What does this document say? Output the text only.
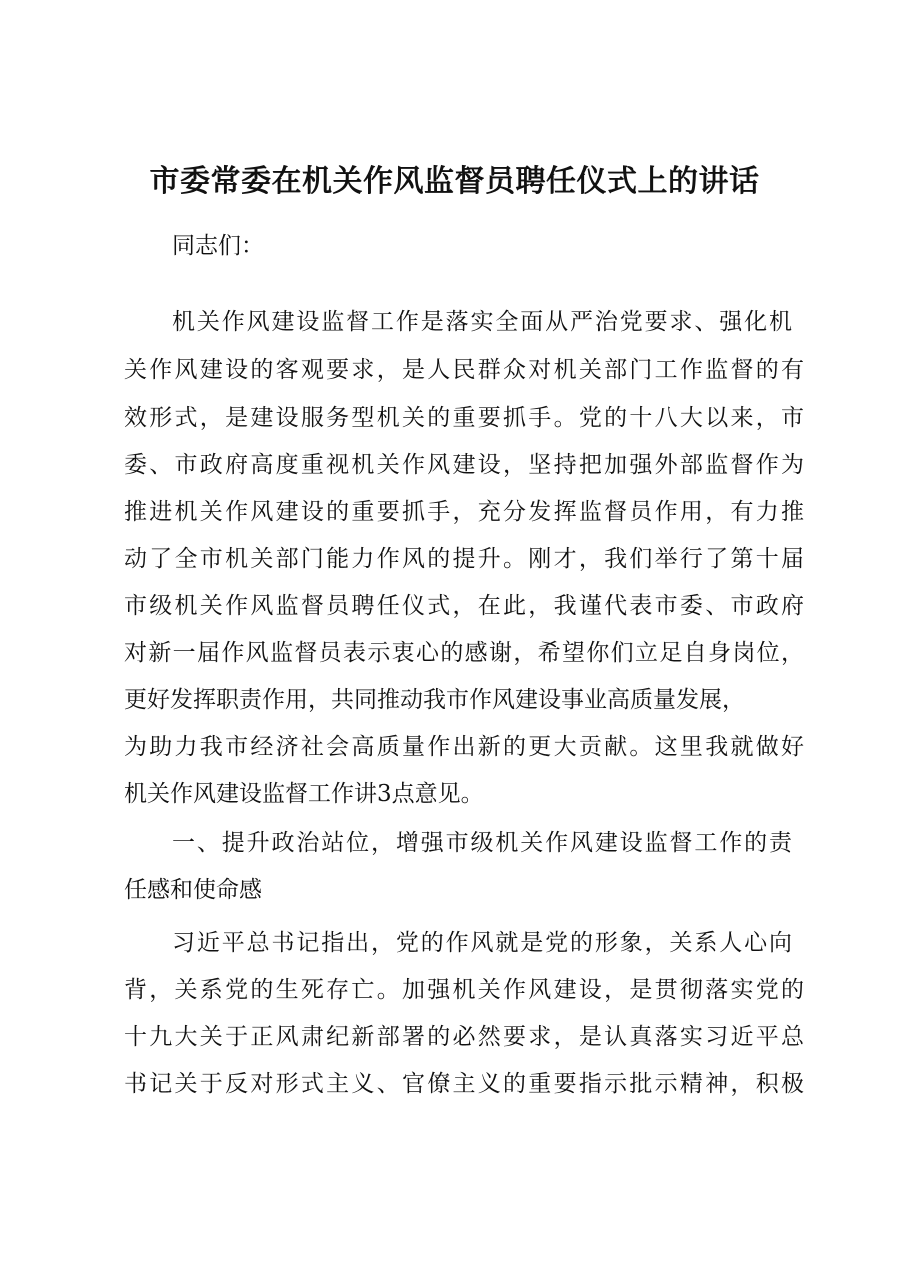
市委常委在机关作风监督员聘任仪式上的讲话
同志们：
机关作风建设监督工作是落实全面从严治党要求、强化机
关作风建设的客观要求，是人民群众对机关部门工作监督的有
效形式，是建设服务型机关的重要抓手。党的十八大以来，市
委、市政府高度重视机关作风建设，坚持把加强外部监督作为
推进机关作风建设的重要抓手，充分发挥监督员作用，有力推
动了全市机关部门能力作风的提升。刚才，我们举行了第十届
市级机关作风监督员聘任仪式，在此，我谨代表市委、市政府
对新一届作风监督员表示衷心的感谢，希望你们立足自身岗位，
更好发挥职责作用，共同推动我市作风建设事业高质量发展，
为助力我市经济社会高质量作出新的更大贡献。这里我就做好
机关作风建设监督工作讲3点意见。
一、提升政治站位，增强市级机关作风建设监督工作的责
任感和使命感
习近平总书记指出，党的作风就是党的形象，关系人心向
背，关系党的生死存亡。加强机关作风建设，是贯彻落实党的
十九大关于正风肃纪新部署的必然要求，是认真落实习近平总
书记关于反对形式主义、官僚主义的重要指示批示精神，积极
